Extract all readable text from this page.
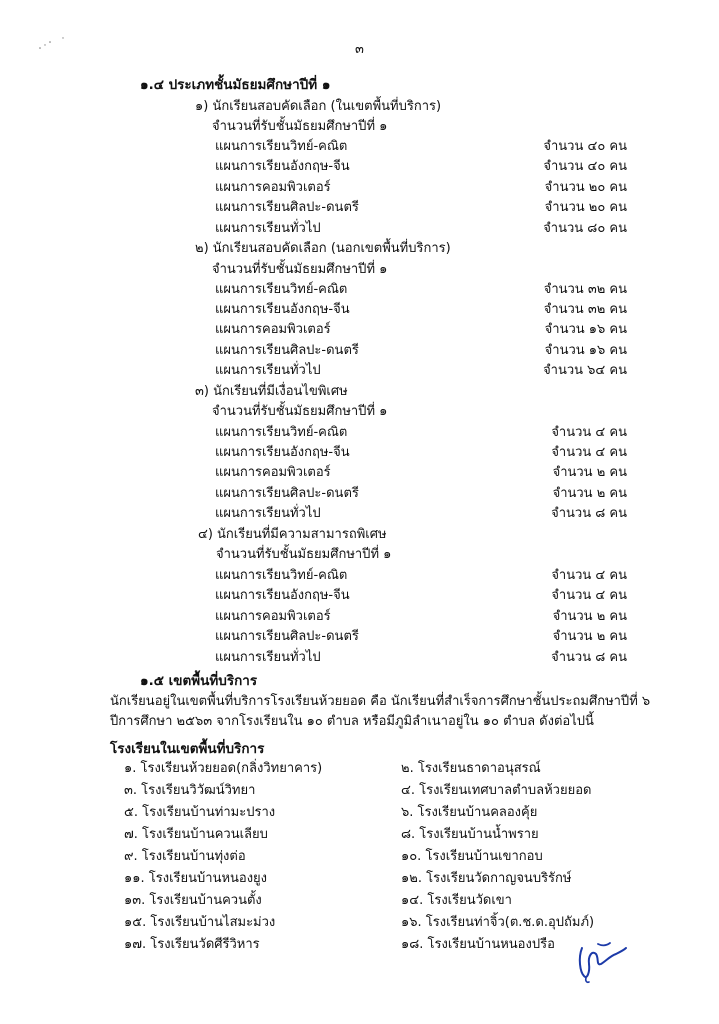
๓
๑.๔ ประเภทชั้นมัธยมศึกษาปีที่ ๑
๑) นักเรียนสอบคัดเลือก (ในเขตพื้นที่บริการ)
จำนวนที่รับชั้นมัธยมศึกษาปีที่ ๑
แผนการเรียนวิทย์-คณิต	จำนวน ๔๐ คน
แผนการเรียนอังกฤษ-จีน	จำนวน ๔๐ คน
แผนการคอมพิวเตอร์	จำนวน ๒๐ คน
แผนการเรียนศิลปะ-ดนตรี	จำนวน ๒๐ คน
แผนการเรียนทั่วไป	จำนวน ๘๐ คน
๒) นักเรียนสอบคัดเลือก (นอกเขตพื้นที่บริการ)
จำนวนที่รับชั้นมัธยมศึกษาปีที่ ๑
แผนการเรียนวิทย์-คณิต	จำนวน ๓๒ คน
แผนการเรียนอังกฤษ-จีน	จำนวน ๓๒ คน
แผนการคอมพิวเตอร์	จำนวน ๑๖ คน
แผนการเรียนศิลปะ-ดนตรี	จำนวน ๑๖ คน
แผนการเรียนทั่วไป	จำนวน ๖๔ คน
๓) นักเรียนที่มีเงื่อนไขพิเศษ
จำนวนที่รับชั้นมัธยมศึกษาปีที่ ๑
แผนการเรียนวิทย์-คณิต	จำนวน ๔ คน
แผนการเรียนอังกฤษ-จีน	จำนวน ๔ คน
แผนการคอมพิวเตอร์	จำนวน ๒ คน
แผนการเรียนศิลปะ-ดนตรี	จำนวน ๒ คน
แผนการเรียนทั่วไป	จำนวน ๘ คน
๔) นักเรียนที่มีความสามารถพิเศษ
จำนวนที่รับชั้นมัธยมศึกษาปีที่ ๑
แผนการเรียนวิทย์-คณิต	จำนวน ๔ คน
แผนการเรียนอังกฤษ-จีน	จำนวน ๔ คน
แผนการคอมพิวเตอร์	จำนวน ๒ คน
แผนการเรียนศิลปะ-ดนตรี	จำนวน ๒ คน
แผนการเรียนทั่วไป	จำนวน ๘ คน
๑.๕ เขตพื้นที่บริการ
นักเรียนอยู่ในเขตพื้นที่บริการโรงเรียนห้วยยอด คือ นักเรียนที่สำเร็จการศึกษาชั้นประถมศึกษาปีที่ ๖
ปีการศึกษา ๒๕๖๓ จากโรงเรียนใน ๑๐ ตำบล หรือมีภูมิลำเนาอยู่ใน ๑๐ ตำบล ดังต่อไปนี้
โรงเรียนในเขตพื้นที่บริการ
๑. โรงเรียนห้วยยอด(กลิ่งวิทยาคาร)
๓. โรงเรียนวิวัฒน์วิทยา
๕. โรงเรียนบ้านท่ามะปราง
๗. โรงเรียนบ้านควนเลียบ
๙. โรงเรียนบ้านทุ่งต่อ
๑๑. โรงเรียนบ้านหนองยูง
๑๓. โรงเรียนบ้านควนตั้ง
๑๕. โรงเรียนบ้านไสมะม่วง
๑๗. โรงเรียนวัดศีรีวิหาร
๒. โรงเรียนธาดาอนุสรณ์
๔. โรงเรียนเทศบาลตำบลห้วยยอด
๖. โรงเรียนบ้านคลองคุ้ย
๘. โรงเรียนบ้านน้ำพราย
๑๐. โรงเรียนบ้านเขากอบ
๑๒. โรงเรียนวัดกาญจนบริรักษ์
๑๔. โรงเรียนวัดเขา
๑๖. โรงเรียนท่าจิ้ว(ต.ช.ด.อุปถัมภ์)
๑๘. โรงเรียนบ้านหนองปรือ
